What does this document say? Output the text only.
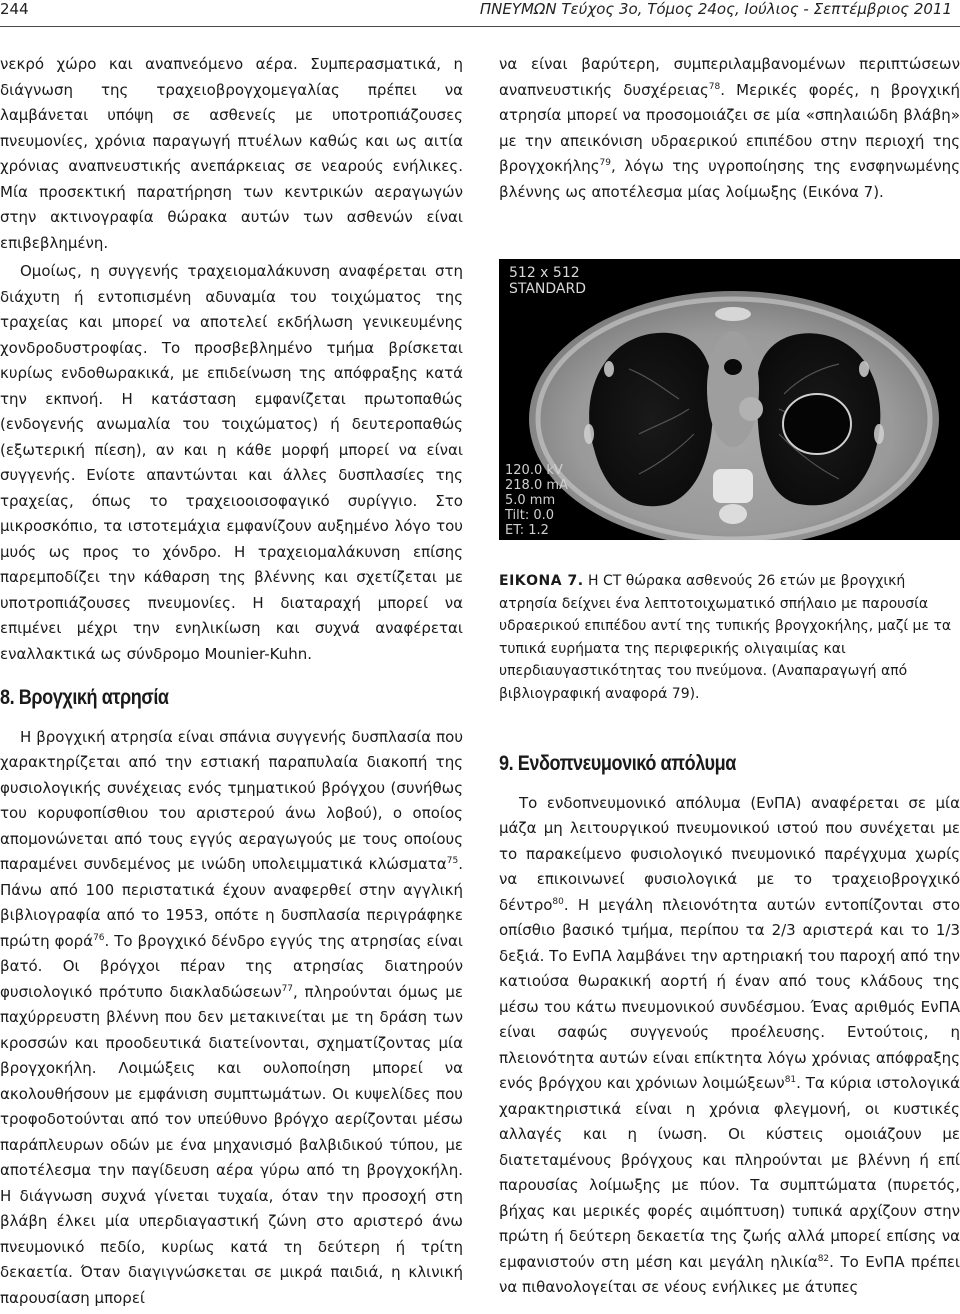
244	ΠΝΕΥΜΩΝ Τεύχος 3ο, Τόμος 24ος, Ιούλιος - Σεπτέμβριος 2011

νεκρό χώρο και αναπνεόμενο αέρα. Συμπερασματικά, η διάγνωση της τραχειοβρογχομεγαλίας πρέπει να λαμβάνεται υπόψη σε ασθενείς με υποτροπιάζουσες πνευμονίες, χρόνια παραγωγή πτυέλων καθώς και ως αιτία χρόνιας αναπνευστικής ανεπάρκειας σε νεαρούς ενήλικες. Μία προσεκτική παρατήρηση των κεντρικών αεραγωγών στην ακτινογραφία θώρακα αυτών των ασθενών είναι επιβεβλημένη.

Ομοίως, η συγγενής τραχειομαλάκυνση αναφέρεται στη διάχυτη ή εντοπισμένη αδυναμία του τοιχώματος της τραχείας και μπορεί να αποτελεί εκδήλωση γενικευμένης χονδροδυστροφίας. Το προσβεβλημένο τμήμα βρίσκεται κυρίως ενδοθωρακικά, με επιδείνωση της απόφραξης κατά την εκπνοή. Η κατάσταση εμφανίζεται πρωτοπαθώς (ενδογενής ανωμαλία του τοιχώματος) ή δευτεροπαθώς (εξωτερική πίεση), αν και η κάθε μορφή μπορεί να είναι συγγενής. Ενίοτε απαντώνται και άλλες δυσπλασίες της τραχείας, όπως το τραχειοοισοφαγικό συρίγγιο. Στο μικροσκόπιο, τα ιστοτεμάχια εμφανίζουν αυξημένο λόγο του μυός ως προς το χόνδρο. Η τραχειομαλάκυνση επίσης παρεμποδίζει την κάθαρση της βλέννης και σχετίζεται με υποτροπιάζουσες πνευμονίες. Η διαταραχή μπορεί να επιμένει μέχρι την ενηλικίωση και συχνά αναφέρεται εναλλακτικά ως σύνδρομο Mounier-Kuhn.

8. Βρογχική ατρησία

Η βρογχική ατρησία είναι σπάνια συγγενής δυσπλασία που χαρακτηρίζεται από την εστιακή παραπυλαία διακοπή της φυσιολογικής συνέχειας ενός τμηματικού βρόγχου (συνήθως του κορυφοπίσθιου του αριστερού άνω λοβού), ο οποίος απομονώνεται από τους εγγύς αεραγωγούς με τους οποίους παραμένει συνδεμένος με ινώδη υπολειμματικά κλώσματα$^{75}$. Πάνω από 100 περιστατικά έχουν αναφερθεί στην αγγλική βιβλιογραφία από το 1953, οπότε η δυσπλασία περιγράφηκε πρώτη φορά$^{76}$. Το βρογχικό δένδρο εγγύς της ατρησίας είναι βατό. Οι βρόγχοι πέραν της ατρησίας διατηρούν φυσιολογικό πρότυπο διακλαδώσεων$^{77}$, πληρούνται όμως με παχύρρευστη βλέννη που δεν μετακινείται με τη δράση των κροσσών και προοδευτικά διατείνονται, σχηματίζοντας μία βρογχοκήλη. Λοιμώξεις και ουλοποίηση μπορεί να ακολουθήσουν με εμφάνιση συμπτωμάτων. Οι κυψελίδες που τροφοδοτούνται από τον υπεύθυνο βρόγχο αερίζονται μέσω παράπλευρων οδών με ένα μηχανισμό βαλβιδικού τύπου, με αποτέλεσμα την παγίδευση αέρα γύρω από τη βρογχοκήλη. Η διάγνωση συχνά γίνεται τυχαία, όταν την προσοχή στη βλάβη έλκει μία υπερδιαγαστική ζώνη στο αριστερό άνω πνευμονικό πεδίο, κυρίως κατά τη δεύτερη ή τρίτη δεκαετία. Όταν διαγιγνώσκεται σε μικρά παιδιά, η κλινική παρουσίαση μπορεί

να είναι βαρύτερη, συμπεριλαμβανομένων περιπτώσεων αναπνευστικής δυσχέρειας$^{78}$. Μερικές φορές, η βρογχική ατρησία μπορεί να προσομοιάζει σε μία «σπηλαιώδη βλάβη» με την απεικόνιση υδραερικού επιπέδου στην περιοχή της βρογχοκήλης$^{79}$, λόγω της υγροποίησης της ενσφηνωμένης βλέννης ως αποτέλεσμα μίας λοίμωξης (Εικόνα 7).

512 x 512
STANDARD
120.0 kV
218.0 mA
5.0 mm
Tilt: 0.0
ET: 1.2

ΕΙΚΟΝΑ 7. Η CT θώρακα ασθενούς 26 ετών με βρογχική ατρησία δείχνει ένα λεπτοτοιχωματικό σπήλαιο με παρουσία υδραερικού επιπέδου αντί της τυπικής βρογχοκήλης, μαζί με τα τυπικά ευρήματα της περιφερικής ολιγαιμίας και υπερδιαυγαστικότητας του πνεύμονα. (Αναπαραγωγή από βιβλιογραφική αναφορά 79).

9. Ενδοπνευμονικό απόλυμα

Το ενδοπνευμονικό απόλυμα (ΕνΠΑ) αναφέρεται σε μία μάζα μη λειτουργικού πνευμονικού ιστού που συνέχεται με το παρακείμενο φυσιολογικό πνευμονικό παρέγχυμα χωρίς να επικοινωνεί φυσιολογικά με το τραχειοβρογχικό δέντρο$^{80}$. Η μεγάλη πλειονότητα αυτών εντοπίζονται στο οπίσθιο βασικό τμήμα, περίπου τα 2/3 αριστερά και το 1/3 δεξιά. Το ΕνΠΑ λαμβάνει την αρτηριακή του παροχή από την κατιούσα θωρακική αορτή ή έναν από τους κλάδους της μέσω του κάτω πνευμονικού συνδέσμου. Ένας αριθμός ΕνΠΑ είναι σαφώς συγγενούς προέλευσης. Εντούτοις, η πλειονότητα αυτών είναι επίκτητα λόγω χρόνιας απόφραξης ενός βρόγχου και χρόνιων λοιμώξεων$^{81}$. Τα κύρια ιστολογικά χαρακτηριστικά είναι η χρόνια φλεγμονή, οι κυστικές αλλαγές και η ίνωση. Οι κύστεις ομοιάζουν με διατεταμένους βρόγχους και πληρούνται με βλέννη ή επί παρουσίας λοίμωξης με πύον. Τα συμπτώματα (πυρετός, βήχας και μερικές φορές αιμόπτυση) τυπικά αρχίζουν στην πρώτη ή δεύτερη δεκαετία της ζωής αλλά μπορεί επίσης να εμφανιστούν στη μέση και μεγάλη ηλικία$^{82}$. Το ΕνΠΑ πρέπει να πιθανολογείται σε νέους ενήλικες με άτυπες
